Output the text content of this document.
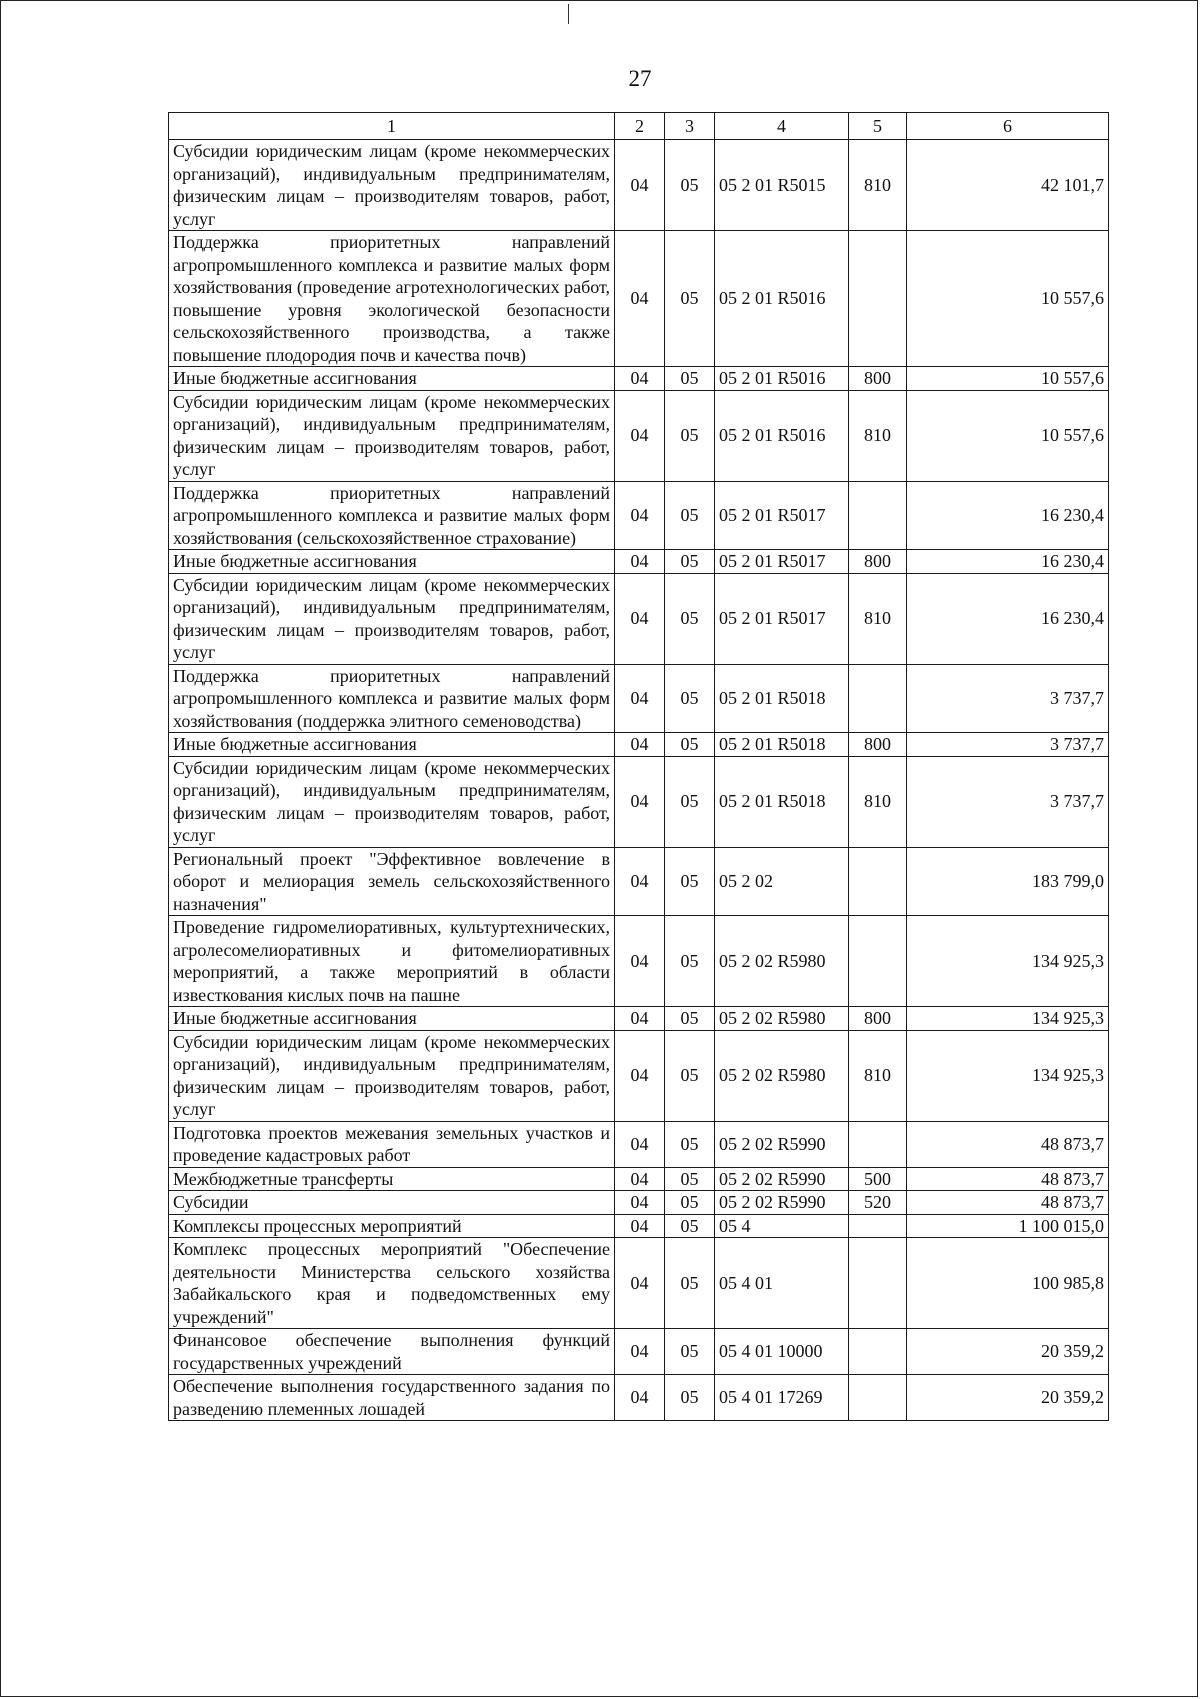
27
1	2	3	4	5	6
Субсидии юридическим лицам (кроме некоммерческих организаций), индивидуальным предпринимателям, физическим лицам – производителям товаров, работ, услуг	04	05	05 2 01 R5015	810	42 101,7
Поддержка приоритетных направлений агропромышленного комплекса и развитие малых форм хозяйствования (проведение агротехнологических работ, повышение уровня экологической безопасности сельскохозяйственного производства, а также повышение плодородия почв и качества почв)	04	05	05 2 01 R5016		10 557,6
Иные бюджетные ассигнования	04	05	05 2 01 R5016	800	10 557,6
Субсидии юридическим лицам (кроме некоммерческих организаций), индивидуальным предпринимателям, физическим лицам – производителям товаров, работ, услуг	04	05	05 2 01 R5016	810	10 557,6
Поддержка приоритетных направлений агропромышленного комплекса и развитие малых форм хозяйствования (сельскохозяйственное страхование)	04	05	05 2 01 R5017		16 230,4
Иные бюджетные ассигнования	04	05	05 2 01 R5017	800	16 230,4
Субсидии юридическим лицам (кроме некоммерческих организаций), индивидуальным предпринимателям, физическим лицам – производителям товаров, работ, услуг	04	05	05 2 01 R5017	810	16 230,4
Поддержка приоритетных направлений агропромышленного комплекса и развитие малых форм хозяйствования (поддержка элитного семеноводства)	04	05	05 2 01 R5018		3 737,7
Иные бюджетные ассигнования	04	05	05 2 01 R5018	800	3 737,7
Субсидии юридическим лицам (кроме некоммерческих организаций), индивидуальным предпринимателям, физическим лицам – производителям товаров, работ, услуг	04	05	05 2 01 R5018	810	3 737,7
Региональный проект "Эффективное вовлечение в оборот и мелиорация земель сельскохозяйственного назначения"	04	05	05 2 02		183 799,0
Проведение гидромелиоративных, культуртехнических, агролесомелиоративных и фитомелиоративных мероприятий, а также мероприятий в области известкования кислых почв на пашне	04	05	05 2 02 R5980		134 925,3
Иные бюджетные ассигнования	04	05	05 2 02 R5980	800	134 925,3
Субсидии юридическим лицам (кроме некоммерческих организаций), индивидуальным предпринимателям, физическим лицам – производителям товаров, работ, услуг	04	05	05 2 02 R5980	810	134 925,3
Подготовка проектов межевания земельных участков и проведение кадастровых работ	04	05	05 2 02 R5990		48 873,7
Межбюджетные трансферты	04	05	05 2 02 R5990	500	48 873,7
Субсидии	04	05	05 2 02 R5990	520	48 873,7
Комплексы процессных мероприятий	04	05	05 4		1 100 015,0
Комплекс процессных мероприятий "Обеспечение деятельности Министерства сельского хозяйства Забайкальского края и подведомственных ему учреждений"	04	05	05 4 01		100 985,8
Финансовое обеспечение выполнения функций государственных учреждений	04	05	05 4 01 10000		20 359,2
Обеспечение выполнения государственного задания по разведению племенных лошадей	04	05	05 4 01 17269		20 359,2
